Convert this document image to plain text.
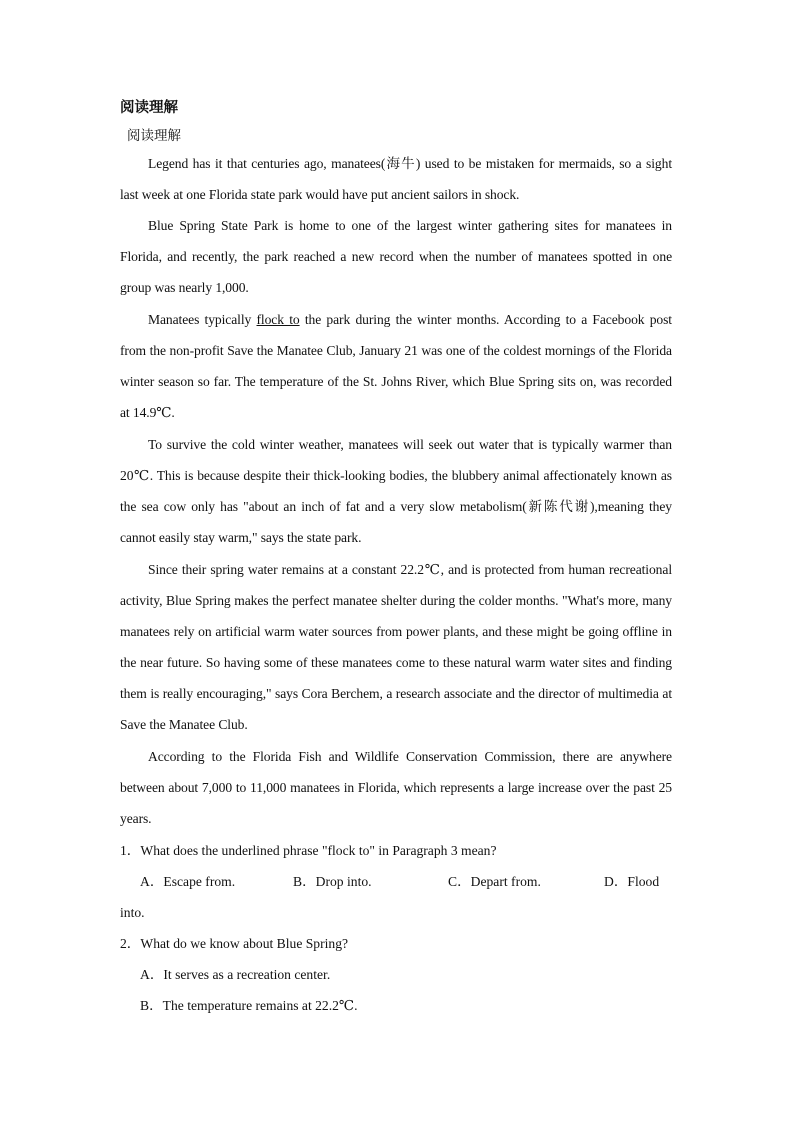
阅读理解
阅读理解

Legend has it that centuries ago, manatees(海牛) used to be mistaken for mermaids, so a sight last week at one Florida state park would have put ancient sailors in shock.

Blue Spring State Park is home to one of the largest winter gathering sites for manatees in Florida, and recently, the park reached a new record when the number of manatees spotted in one group was nearly 1,000.

Manatees typically flock to the park during the winter months. According to a Facebook post from the non-profit Save the Manatee Club, January 21 was one of the coldest mornings of the Florida winter season so far. The temperature of the St. Johns River, which Blue Spring sits on, was recorded at 14.9℃.

To survive the cold winter weather, manatees will seek out water that is typically warmer than 20℃. This is because despite their thick-looking bodies, the blubbery animal affectionately known as the sea cow only has "about an inch of fat and a very slow metabolism(新陈代谢),meaning they cannot easily stay warm," says the state park.

Since their spring water remains at a constant 22.2℃, and is protected from human recreational activity, Blue Spring makes the perfect manatee shelter during the colder months. "What's more, many manatees rely on artificial warm water sources from power plants, and these might be going offline in the near future. So having some of these manatees come to these natural warm water sites and finding them is really encouraging," says Cora Berchem, a research associate and the director of multimedia at Save the Manatee Club.

According to the Florida Fish and Wildlife Conservation Commission, there are anywhere between about 7,000 to 11,000 manatees in Florida, which represents a large increase over the past 25 years.

1．What does the underlined phrase "flock to" in Paragraph 3 mean?
A．Escape from.	B．Drop into.	C．Depart from.	D．Flood
into.
2．What do we know about Blue Spring?
A．It serves as a recreation center.
B．The temperature remains at 22.2℃.
